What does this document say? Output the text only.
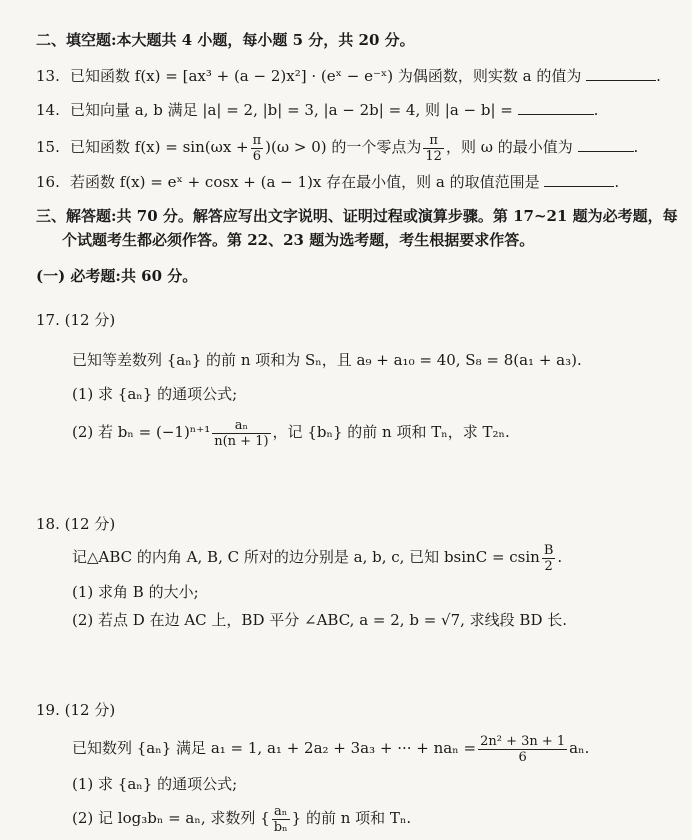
二、填空题:本大题共 4 小题，每小题 5 分，共 20 分。
13. 已知函数 f(x) = [ax³ + (a − 2)x²] · (eˣ − e⁻ˣ) 为偶函数，则实数 a 的值为	.
14. 已知向量 a, b 满足 |a| = 2, |b| = 3, |a − 2b| = 4, 则 |a − b| =	.
15. 已知函数 $f(x) = \sin(\omega x + \frac{\pi}{6} )(\omega > 0)$ 的一个零点为 $\frac{\pi}{12}$ ，则 ω 的最小值为	.
16. 若函数 f(x) = eˣ + cosx + (a − 1)x 存在最小值，则 a 的取值范围是	.
三、解答题:共 70 分。解答应写出文字说明、证明过程或演算步骤。第 17~21 题为必考题，每
个试题考生都必须作答。第 22、23 题为选考题，考生根据要求作答。
(一) 必考题:共 60 分。
17. (12 分)
已知等差数列 {aₙ} 的前 n 项和为 Sₙ，且 a₉ + a₁₀ = 40, S₈ = 8(a₁ + a₃).
(1) 求 {aₙ} 的通项公式;
(2) 若 $b_n = (-1)^{n+1} \frac{\text{aₙ}}{n(n + 1)}$ ，记 {bₙ} 的前 n 项和 Tₙ，求 T₂ₙ.
18. (12 分)
记△ABC 的内角 A, B, C 所对的边分别是 a, b, c, 已知 bsinC = csin $\frac{B}{2}$ .
(1) 求角 B 的大小;
(2) 若点 D 在边 AC 上，BD 平分 ∠ABC, a = 2, b = √7, 求线段 BD 长.
19. (12 分)
已知数列 {aₙ} 满足 a₁ = 1, a₁ + 2a₂ + 3a₃ + ··· + $na_n = \frac{\text{2n² + 3n + 1}}{6} a_n$.
(1) 求 {aₙ} 的通项公式;
(2) 记 log₃bₙ = aₙ, 求数列 { $\frac{\text{aₙ}}{\text{bₙ}}$ } 的前 n 项和 Tₙ.
